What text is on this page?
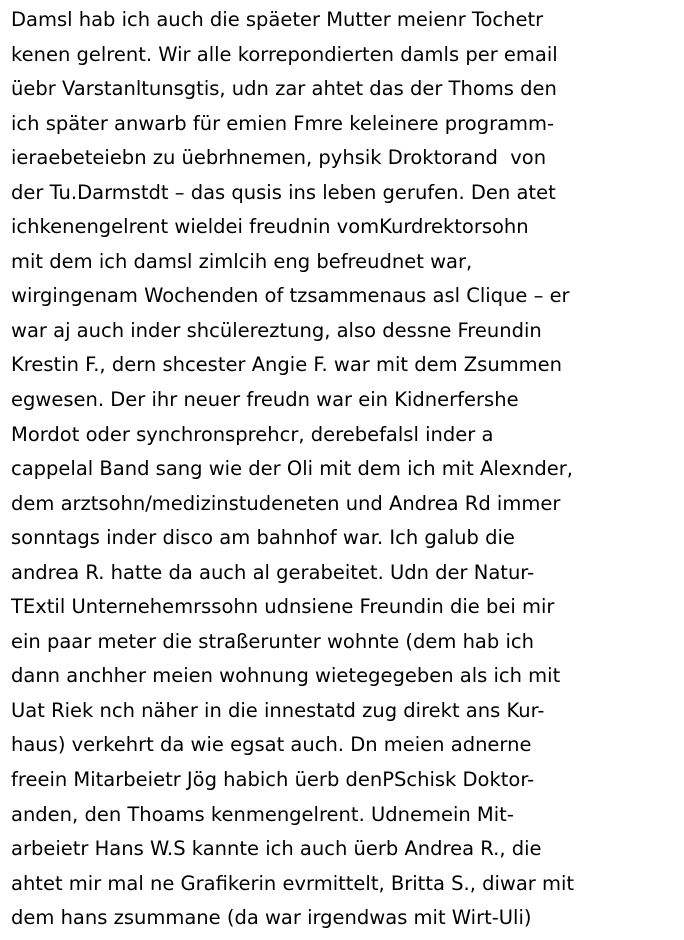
Damsl hab ich auch die späeter Mutter meienr Tochetr
kenen gelrent. Wir alle korrepondierten damls per email
üebr Varstanltunsgtis, udn zar ahtet das der Thoms den
ich später anwarb für emien Fmre keleinere programm-
ieraebeteiebn zu üebrhnemen, pyhsik Droktorand  von
der Tu.Darmstdt – das qusis ins leben gerufen. Den atet
ichkenengelrent wieldei freudnin vomKurdrektorsohn
mit dem ich damsl zimlcih eng befreudnet war,
wirgingenam Wochenden of tzsammenaus asl Clique – er
war aj auch inder shcülereztung, also dessne Freundin
Krestin F., dern shcester Angie F. war mit dem Zsummen
egwesen. Der ihr neuer freudn war ein Kidnerfershe
Mordot oder synchronsprehcr, derebefalsl inder a
cappelal Band sang wie der Oli mit dem ich mit Alexnder,
dem arztsohn/medizinstudeneten und Andrea Rd immer
sonntags inder disco am bahnhof war. Ich galub die
andrea R. hatte da auch al gerabeitet. Udn der Natur-
TExtil Unternehemrssohn udnsiene Freundin die bei mir
ein paar meter die straßerunter wohnte (dem hab ich
dann anchher meien wohnung wietegegeben als ich mit
Uat Riek nch näher in die innestatd zug direkt ans Kur-
haus) verkehrt da wie egsat auch. Dn meien adnerne
freein Mitarbeietr Jög habich üerb denPSchisk Doktor-
anden, den Thoams kenmengelrent. Udnemein Mit-
arbeietr Hans W.S kannte ich auch üerb Andrea R., die
ahtet mir mal ne Grafikerin evrmittelt, Britta S., diwar mit
dem hans zsummane (da war irgendwas mit Wirt-Uli)
